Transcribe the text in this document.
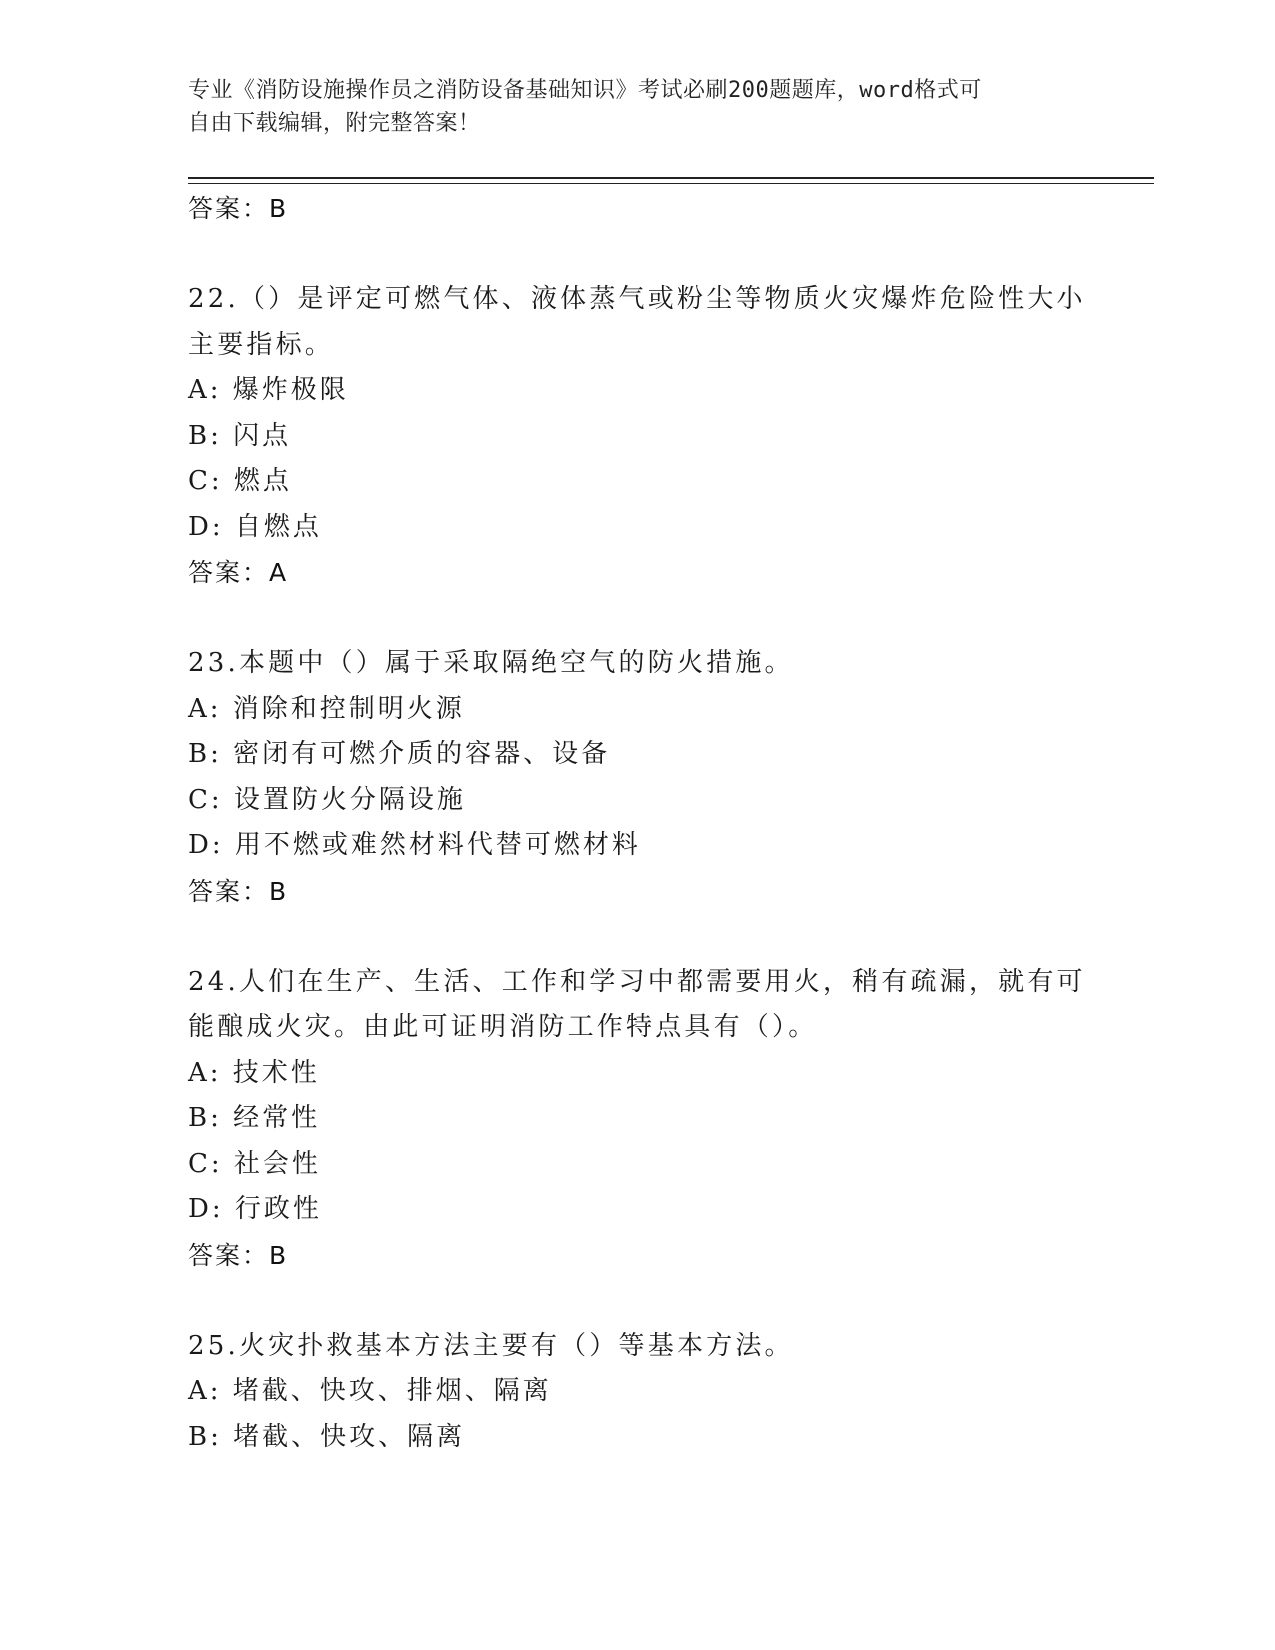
专业《消防设施操作员之消防设备基础知识》考试必刷200题题库，word格式可
自由下载编辑，附完整答案！
答案：B
22.（）是评定可燃气体、液体蒸气或粉尘等物质火灾爆炸危险性大小
主要指标。
A: 爆炸极限
B: 闪点
C: 燃点
D: 自燃点
答案：A
23.本题中（）属于采取隔绝空气的防火措施。
A: 消除和控制明火源
B: 密闭有可燃介质的容器、设备
C: 设置防火分隔设施
D: 用不燃或难然材料代替可燃材料
答案：B
24.人们在生产、生活、工作和学习中都需要用火，稍有疏漏，就有可
能酿成火灾。由此可证明消防工作特点具有（）。
A: 技术性
B: 经常性
C: 社会性
D: 行政性
答案：B
25.火灾扑救基本方法主要有（）等基本方法。
A: 堵截、快攻、排烟、隔离
B: 堵截、快攻、隔离
